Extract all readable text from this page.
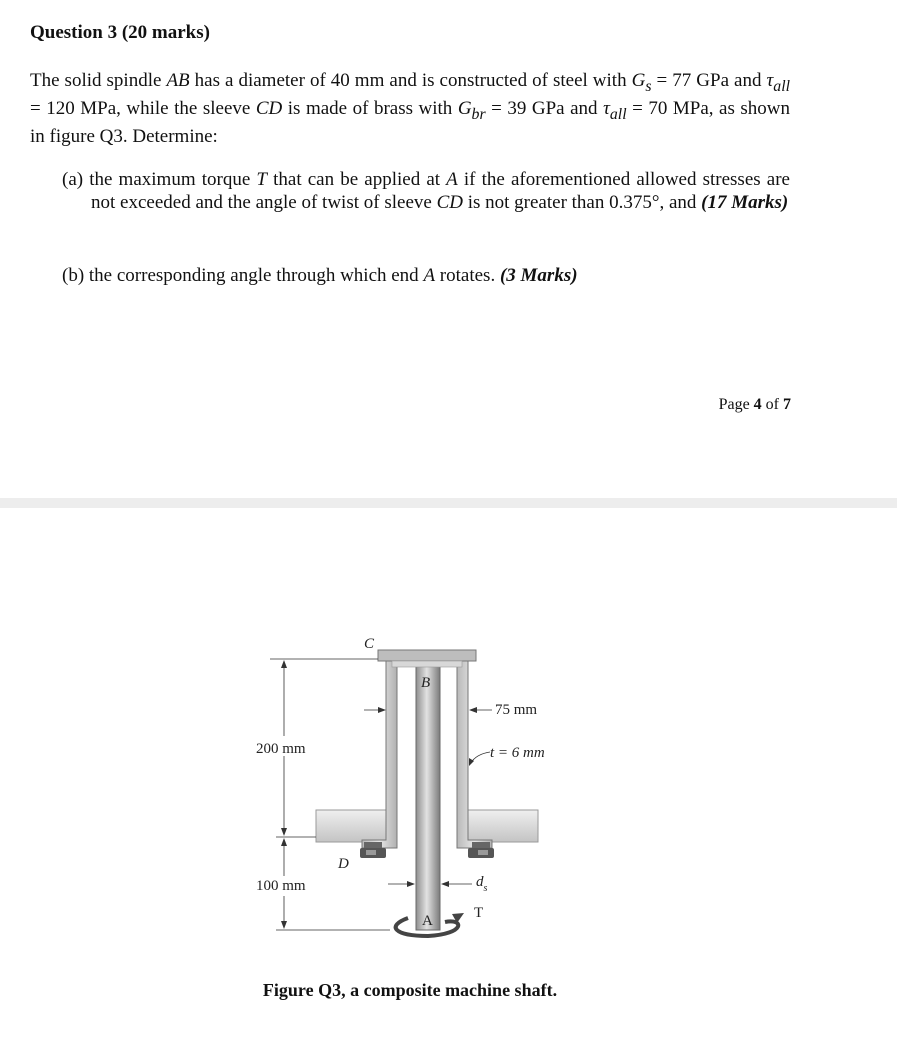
Question 3 (20 marks)
The solid spindle AB has a diameter of 40 mm and is constructed of steel with $G_s = 77$ GPa and $\tau_{all} = 120$ MPa, while the sleeve CD is made of brass with $G_{br} = 39$ GPa and $\tau_{all} = 70$ MPa, as shown in figure Q3. Determine:
(a) the maximum torque T that can be applied at A if the aforementioned allowed stresses are not exceeded and the angle of twist of sleeve CD is not greater than 0.375°, and (17 Marks)
(b) the corresponding angle through which end A rotates. (3 Marks)
Page 4 of 7
200 mm
100 mm
75 mm
t = 6 mm
$d_s$
C
B
D
A	T
Figure Q3, a composite machine shaft.
